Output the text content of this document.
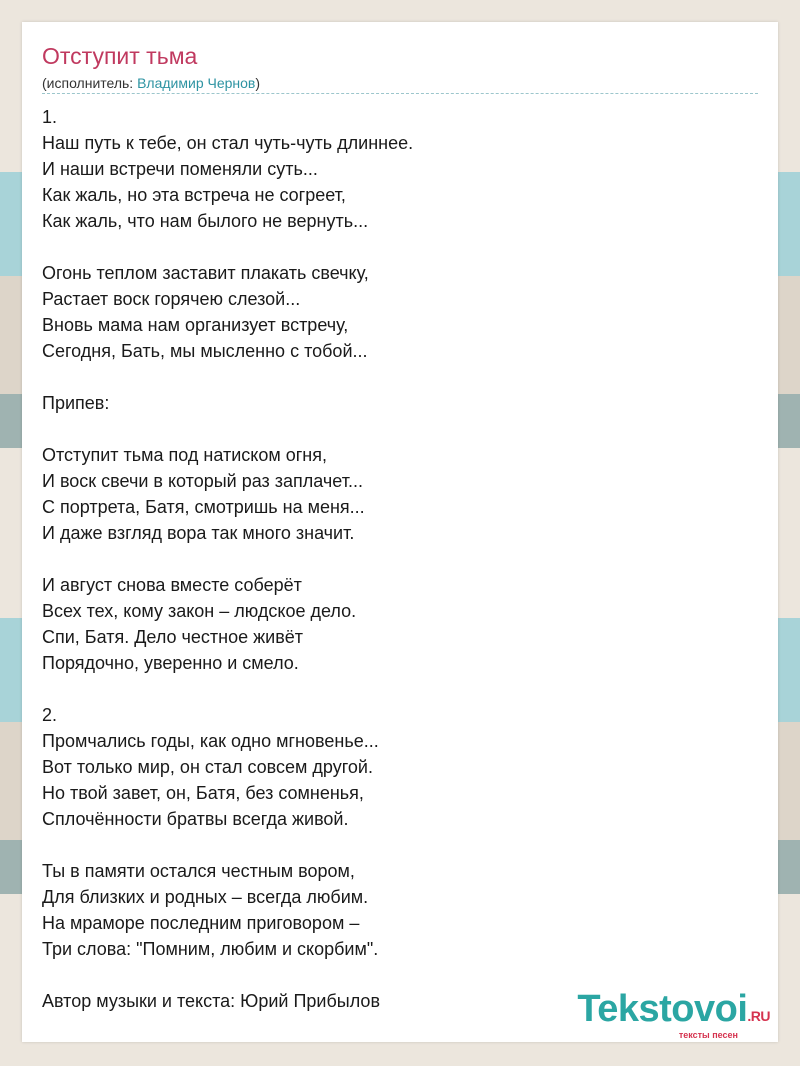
Отступит тьма
(исполнитель: Владимир Чернов)
1.
Наш путь к тебе, он стал чуть-чуть длиннее.
И наши встречи поменяли суть...
Как жаль, но эта встреча не согреет,
Как жаль, что нам былого не вернуть...
Огонь теплом заставит плакать свечку,
Растает воск горячею слезой...
Вновь мама нам организует встречу,
Сегодня, Бать, мы мысленно с тобой...
Припев:
Отступит тьма под натиском огня,
И воск свечи в который раз заплачет...
С портрета, Батя, смотришь на меня...
И даже взгляд вора так много значит.
И август снова вместе соберёт
Всех тех, кому закон – людское дело.
Спи, Батя. Дело честное живёт
Порядочно, уверенно и смело.
2.
Промчались годы, как одно мгновенье...
Вот только мир, он стал совсем другой.
Но твой завет, он, Батя, без сомненья,
Сплочённости братвы всегда живой.
Ты в памяти остался честным вором,
Для близких и родных – всегда любим.
На мраморе последним приговором –
Три слова: "Помним, любим и скорбим".
Автор музыки и текста: Юрий Прибылов	Tekstovoi.RU
тексты песен
